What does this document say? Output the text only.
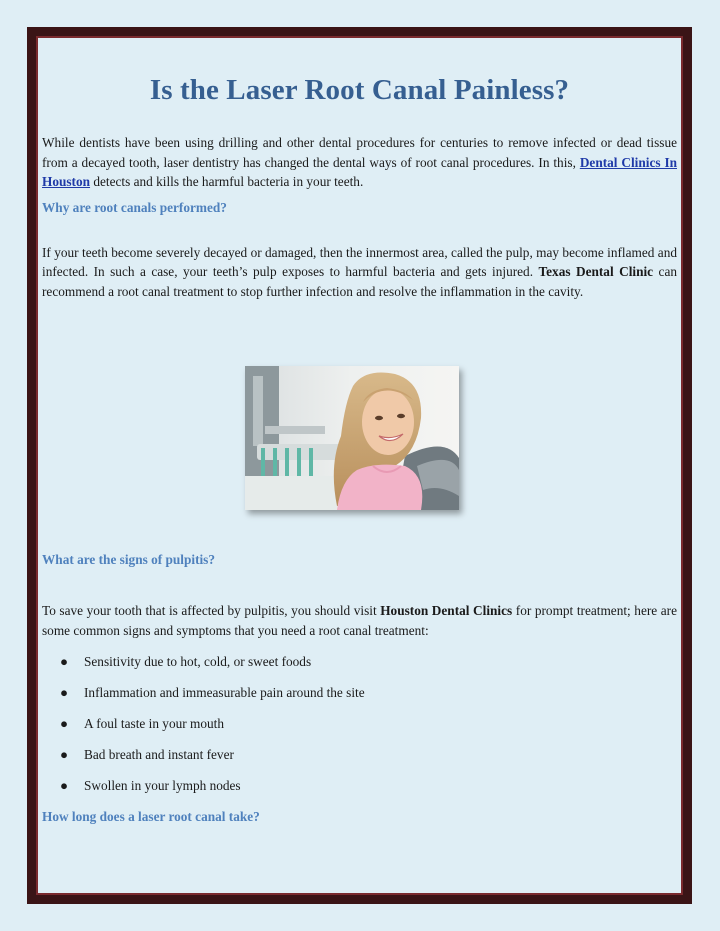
Is the Laser Root Canal Painless?

While dentists have been using drilling and other dental procedures for centuries to remove infected or dead tissue from a decayed tooth, laser dentistry has changed the dental ways of root canal procedures. In this, Dental Clinics In Houston detects and kills the harmful bacteria in your teeth.

Why are root canals performed?

If your teeth become severely decayed or damaged, then the innermost area, called the pulp, may become inflamed and infected. In such a case, your teeth’s pulp exposes to harmful bacteria and gets injured. Texas Dental Clinic can recommend a root canal treatment to stop further infection and resolve the inflammation in the cavity.

What are the signs of pulpitis?

To save your tooth that is affected by pulpitis, you should visit Houston Dental Clinics for prompt treatment; here are some common signs and symptoms that you need a root canal treatment:

● Sensitivity due to hot, cold, or sweet foods
● Inflammation and immeasurable pain around the site
● A foul taste in your mouth
● Bad breath and instant fever
● Swollen in your lymph nodes
How long does a laser root canal take?
